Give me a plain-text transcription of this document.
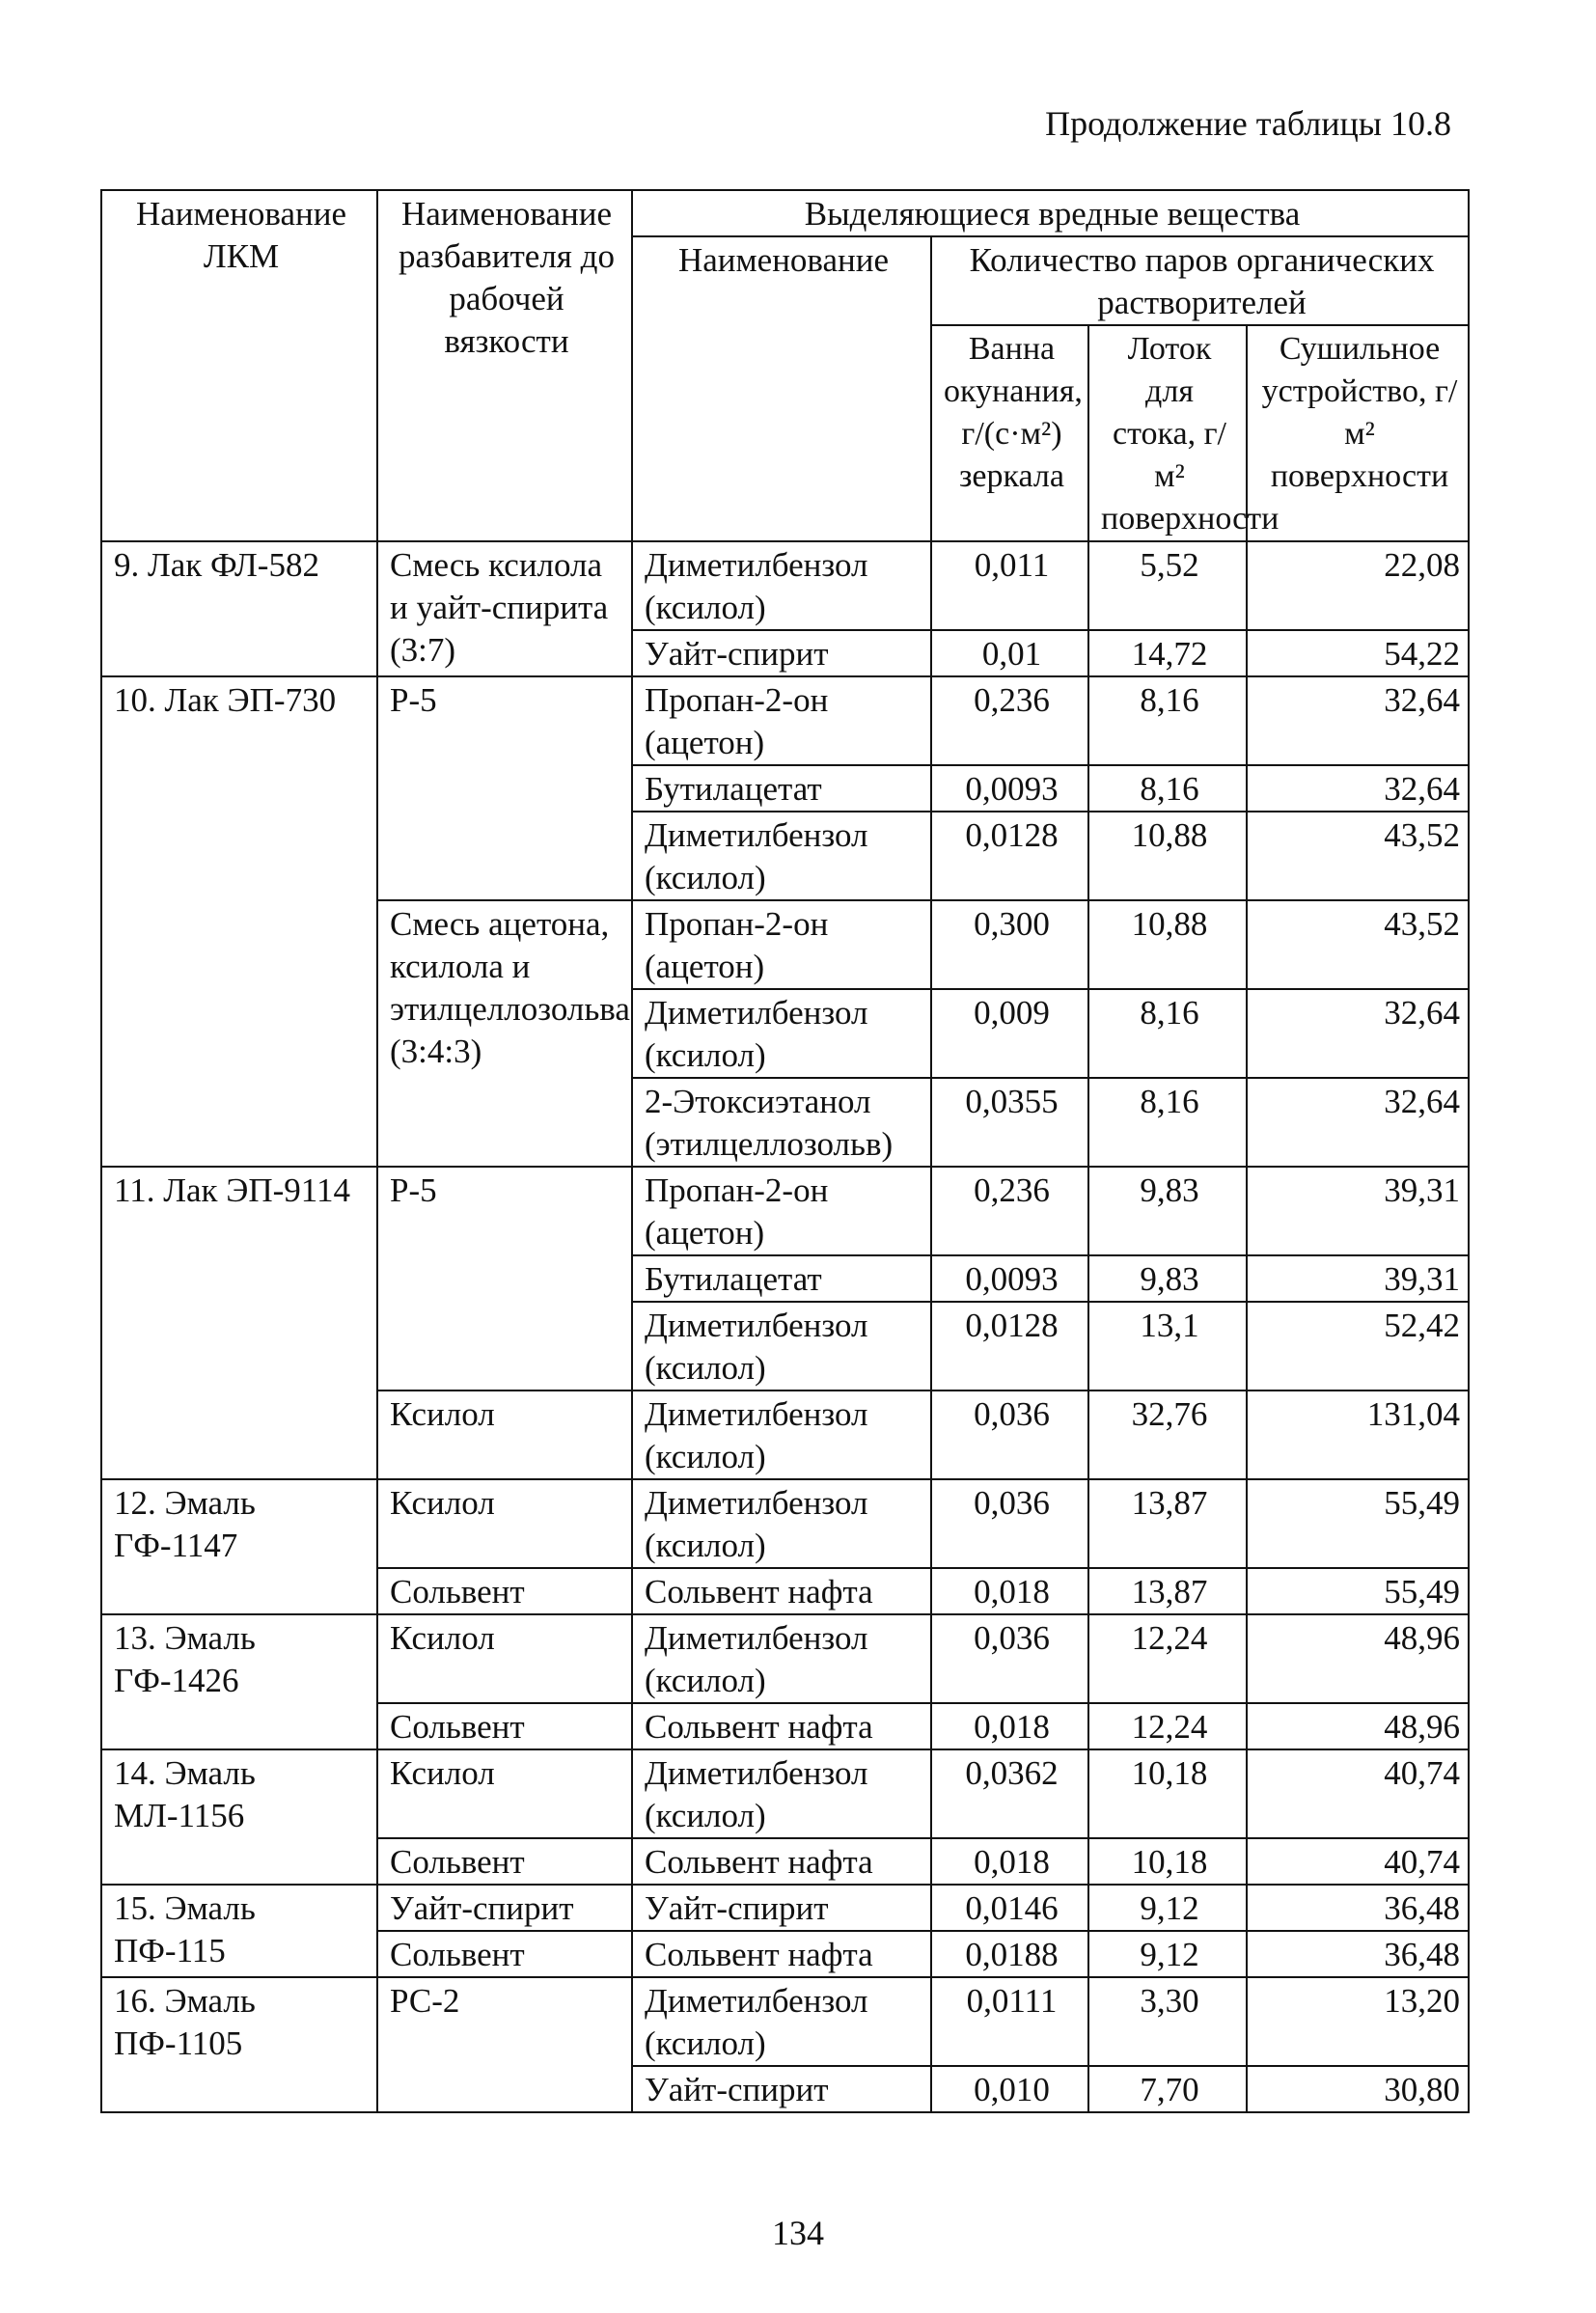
Продолжение таблицы 10.8
Наименование ЛКМ	Наименование разбавителя до рабочей вязкости	Выделяющиеся вредные вещества			
		Наименование	Количество паров органических растворителей		
			Ванна окунания, г/(с·м²) зеркала	Лоток для стока, г/м² поверхности	Сушильное устройство, г/м² поверхности
9. Лак ФЛ-582	Смесь ксилола и уайт-спирита (3:7)	Диметилбензол (ксилол)	0,011	5,52	22,08
		Уайт-спирит	0,01	14,72	54,22
10. Лак ЭП-730	Р-5	Пропан-2-он (ацетон)	0,236	8,16	32,64
		Бутилацетат	0,0093	8,16	32,64
		Диметилбензол (ксилол)	0,0128	10,88	43,52
	Смесь ацетона, ксилола и этилцеллозольва (3:4:3)	Пропан-2-он (ацетон)	0,300	10,88	43,52
		Диметилбензол (ксилол)	0,009	8,16	32,64
		2-Этоксиэтанол (этилцеллозольв)	0,0355	8,16	32,64
11. Лак ЭП-9114	Р-5	Пропан-2-он (ацетон)	0,236	9,83	39,31
		Бутилацетат	0,0093	9,83	39,31
		Диметилбензол (ксилол)	0,0128	13,1	52,42
	Ксилол	Диметилбензол (ксилол)	0,036	32,76	131,04
12. Эмаль ГФ-1147	Ксилол	Диметилбензол (ксилол)	0,036	13,87	55,49
	Сольвент	Сольвент нафта	0,018	13,87	55,49
13. Эмаль ГФ-1426	Ксилол	Диметилбензол (ксилол)	0,036	12,24	48,96
	Сольвент	Сольвент нафта	0,018	12,24	48,96
14. Эмаль МЛ-1156	Ксилол	Диметилбензол (ксилол)	0,0362	10,18	40,74
	Сольвент	Сольвент нафта	0,018	10,18	40,74
15. Эмаль ПФ-115	Уайт-спирит	Уайт-спирит	0,0146	9,12	36,48
	Сольвент	Сольвент нафта	0,0188	9,12	36,48
16. Эмаль ПФ-1105	РС-2	Диметилбензол (ксилол)	0,0111	3,30	13,20
		Уайт-спирит	0,010	7,70	30,80
134
